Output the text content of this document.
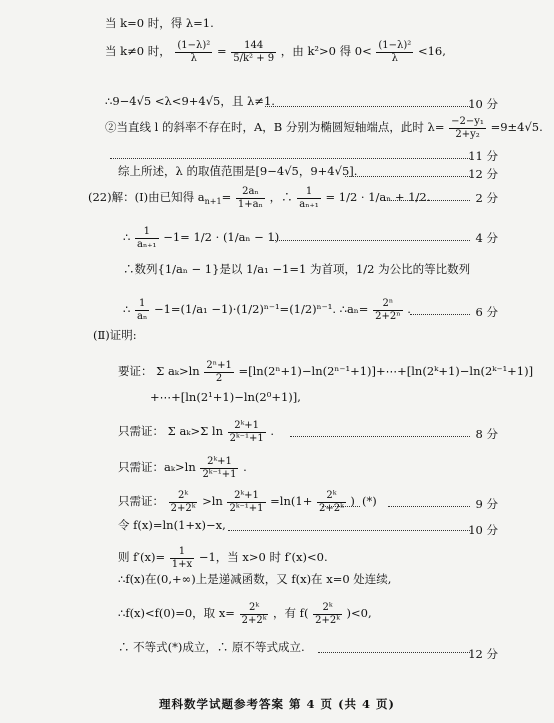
当 k=0 时，得 λ=1.
当 k≠0 时， $\frac{\text{(1−λ)²}}{\lambda} = \frac{144}{\text{5/k² + 9}}$ ，由 k²>0 得 $0< \frac{\text{(1−λ)²}}{\lambda} <16$,
∴9−4√5 <λ<9+4√5，且 λ≠1.	10 分
②当直线 l 的斜率不存在时，A，B 分别为椭圆短轴端点，此时 $\lambda= \frac{\text{−2−y₁}}{\text{2+y₂}} =9\pm 4√5$.
11 分
综上所述，λ 的取值范围是[9−4√5，9+4√5].	12 分
(22)解：(Ⅰ)由已知得 $a_{n+1}= \frac{\text{2aₙ}}{\text{1+aₙ}}$ ，∴ $\frac{1}{\text{aₙ₊₁}} = 1/2 \cdot 1/a_n + 1/2$.	2 分
∴ $\frac{1}{\text{aₙ₊₁}} -1= 1/2 \cdot (1/a_n - 1)$	4 分
∴数列{1/aₙ − 1}是以 1/a₁ −1=1 为首项，1/2 为公比的等比数列
∴ $\frac{1}{\text{aₙ}} -1=(1/a_1 -1)\cdot(1/2)^{n-1}=(1/2)^{n-1}$. ∴aₙ= $\frac{\text{2ⁿ}}{\text{2+2ⁿ}}$ .	6 分
(Ⅱ)证明:
要证： Σ $a_k>\ln \frac{\text{2ⁿ+1}}{2}$ =[ln(2ⁿ+1)−ln(2ⁿ⁻¹+1)]+⋯+[ln(2ᵏ+1)−ln(2ᵏ⁻¹+1)]
+⋯+[ln(2¹+1)−ln(2⁰+1)],
只需证： Σ aₖ>Σ $\ln \frac{\text{2ᵏ+1}}{\text{2ᵏ⁻¹+1}}$ .	8 分
只需证：$a_k>\ln \frac{\text{2ᵏ+1}}{\text{2ᵏ⁻¹+1}}$ .
只需证： $\frac{\text{2ᵏ}}{\text{2+2ᵏ}} >\ln \frac{\text{2ᵏ+1}}{\text{2ᵏ⁻¹+1}} =\ln(1+ \frac{\text{2ᵏ}}{\text{2+2ᵏ}}$ ) (*)	9 分
令 f(x)=ln(1+x)−x,	10 分
则 $f'(x)= \frac{1}{1+x} -1$，当 x>0 时 f′(x)<0.
∴f(x)在(0,+∞)上是递减函数，又 f(x)在 x=0 处连续,
∴f(x)<f(0)=0，取 $x= \frac{\text{2ᵏ}}{\text{2+2ᵏ}}$ ，有 $f( \frac{\text{2ᵏ}}{\text{2+2ᵏ}} )<0$,
∴ 不等式(*)成立，∴ 原不等式成立.	12 分
理科数学试题参考答案 第 4 页 (共 4 页)
